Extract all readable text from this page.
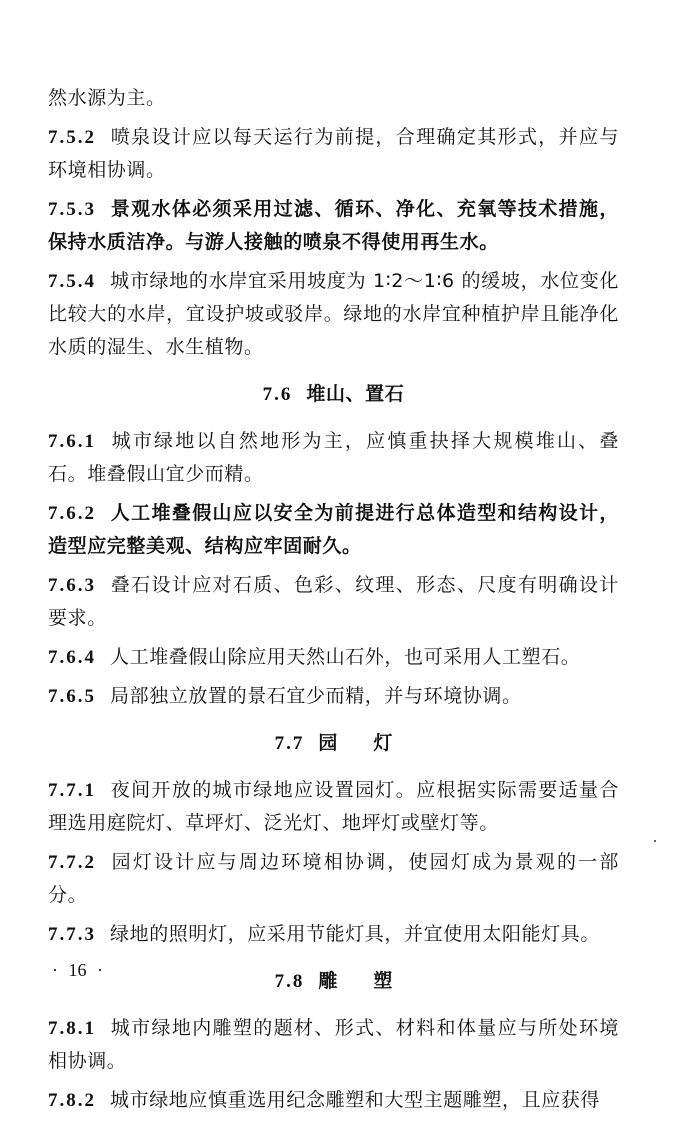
然水源为主。

7.5.2 喷泉设计应以每天运行为前提，合理确定其形式，并应与环境相协调。

7.5.3 景观水体必须采用过滤、循环、净化、充氧等技术措施，保持水质洁净。与游人接触的喷泉不得使用再生水。

7.5.4 城市绿地的水岸宜采用坡度为 1∶2～1∶6 的缓坡，水位变化比较大的水岸，宜设护坡或驳岸。绿地的水岸宜种植护岸且能净化水质的湿生、水生植物。

7.6 堆山、置石

7.6.1 城市绿地以自然地形为主，应慎重抉择大规模堆山、叠石。堆叠假山宜少而精。

7.6.2 人工堆叠假山应以安全为前提进行总体造型和结构设计，造型应完整美观、结构应牢固耐久。

7.6.3 叠石设计应对石质、色彩、纹理、形态、尺度有明确设计要求。

7.6.4 人工堆叠假山除应用天然山石外，也可采用人工塑石。

7.6.5 局部独立放置的景石宜少而精，并与环境协调。

7.7 园灯

7.7.1 夜间开放的城市绿地应设置园灯。应根据实际需要适量合理选用庭院灯、草坪灯、泛光灯、地坪灯或壁灯等。

7.7.2 园灯设计应与周边环境相协调，使园灯成为景观的一部分。

7.7.3 绿地的照明灯，应采用节能灯具，并宜使用太阳能灯具。

7.8 雕塑

7.8.1 城市绿地内雕塑的题材、形式、材料和体量应与所处环境相协调。

7.8.2 城市绿地应慎重选用纪念雕塑和大型主题雕塑，且应获得

· 16 ·
